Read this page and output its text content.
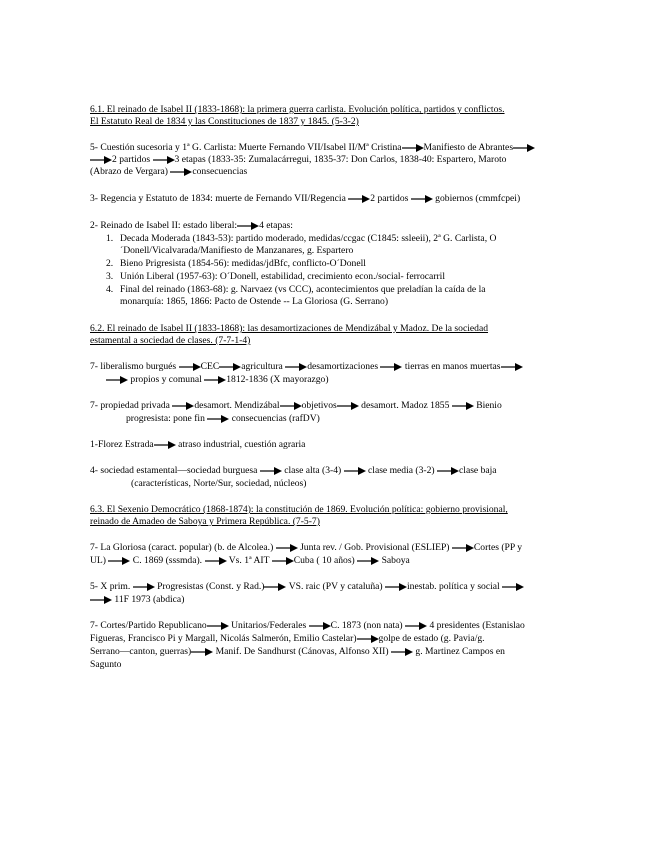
6.1. El reinado de Isabel II (1833-1868): la primera guerra carlista. Evolución política, partidos y conflictos.
El Estatuto Real de 1834 y las Constituciones de 1837 y 1845. (5-3-2)
5- Cuestión sucesoria y 1ª G. Carlista: Muerte Fernando VII/Isabel II/Mª Cristina Manifiesto de Abrantes
2 partidos	3 etapas (1833-35: Zumalacárregui, 1835-37: Don Carlos, 1838-40: Espartero, Maroto
(Abrazo de Vergara)	consecuencias
3- Regencia y Estatuto de 1834: muerte de Fernando VII/Regencia	2 partidos	gobiernos (cmmfcpei)
2- Reinado de Isabel II: estado liberal: 4 etapas:
1. Decada Moderada (1843-53): partido moderado, medidas/ccgac (C1845: ssleeii), 2ª G. Carlista, O
´Donell/Vicalvarada/Manifiesto de Manzanares, g. Espartero
2. Bieno Prigresista (1854-56): medidas/jdBfc, conflicto-O´Donell
3. Unión Liberal (1957-63): O´Donell, estabilidad, crecimiento econ./social- ferrocarril
4. Final del reinado (1863-68): g. Narvaez (vs CCC), acontecimientos que preladían la caída de la
monarquía: 1865, 1866: Pacto de Ostende -- La Gloriosa (G. Serrano)
6.2. El reinado de Isabel II (1833-1868): las desamortizaciones de Mendizábal y Madoz. De la sociedad
estamental a sociedad de clases. (7-7-1-4)
7- liberalismo burgués	CEC agricultura	desamortizaciones	tierras en manos muertas
propios y comunal	1812-1836 (X mayorazgo)
7- propiedad privada	desamort. Mendizábal objetivos	desamort. Madoz 1855	Bienio
progresista: pone fin	consecuencias (rafDV)
1-Florez Estrada	atraso industrial, cuestión agraria
4- sociedad estamental—sociedad burguesa	clase alta (3-4)	clase media (3-2)	clase baja
(características, Norte/Sur, sociedad, núcleos)
6.3. El Sexenio Democrático (1868-1874): la constitución de 1869. Evolución política: gobierno provisional,
reinado de Amadeo de Saboya y Primera República. (7-5-7)
7- La Gloriosa (caract. popular) (b. de Alcolea.)	Junta rev. / Gob. Provisional (ESLIEP)	Cortes (PP y
UL)	C. 1869 (sssmda).	Vs. 1ª AIT	Cuba ( 10 años)	Saboya
5- X prim.	Progresistas (Const. y Rad.)	VS. raic (PV y cataluña)	inestab. política y social
11F 1973 (abdica)
7- Cortes/Partido Republicano	Unitarios/Federales	C. 1873 (non nata)	4 presidentes (Estanislao
Figueras, Francisco Pi y Margall, Nicolás Salmerón, Emilio Castelar) golpe de estado (g. Pavia/g.
Serrano—canton, guerras)	Manif. De Sandhurst (Cánovas, Alfonso XII)	g. Martinez Campos en
Sagunto
